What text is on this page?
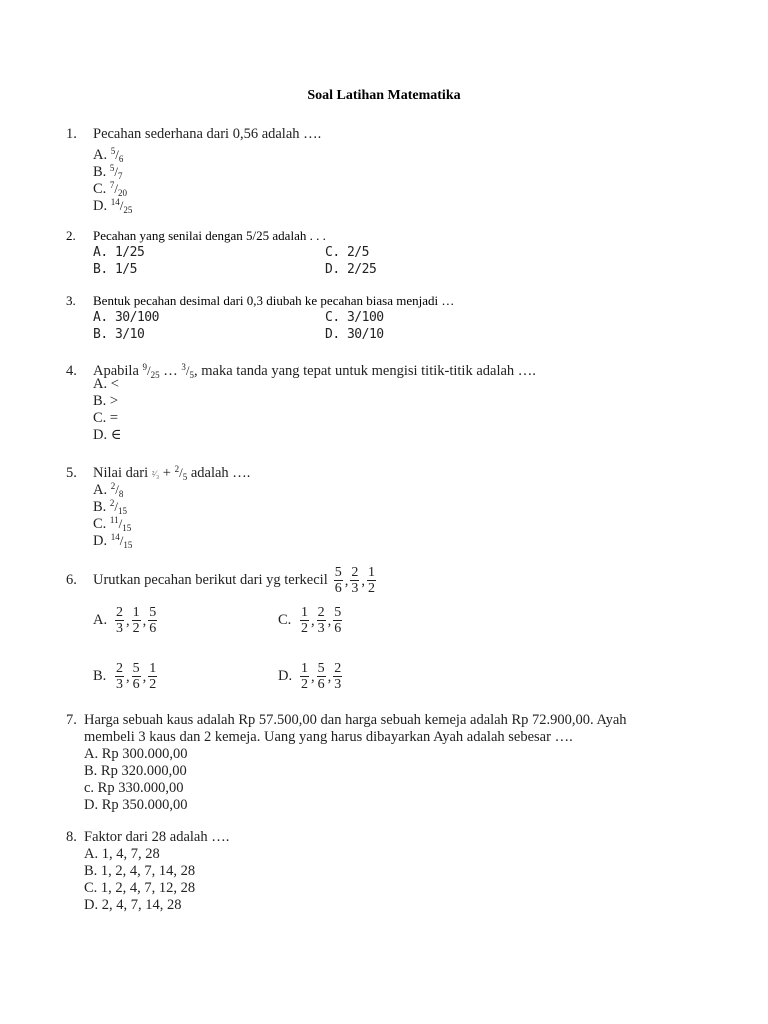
Soal Latihan Matematika
1. Pecahan sederhana dari 0,56 adalah ….
A. $^5/_6$
B. $^5/_7$
C. $^7/_{20}$
D. $^{14}/_{25}$
2. Pecahan yang senilai dengan 5/25 adalah . . .
A. 1/25	C. 2/5
B. 1/5	D. 2/25
3. Bentuk pecahan desimal dari 0,3 diubah ke pecahan biasa menjadi …
A. 30/100	C. 3/100
B. 3/10	D. 30/10
4. Apabila $^9/_{25}$ … $^3/_5$, maka tanda yang tepat untuk mengisi titik-titik adalah ….
A. <
B. >
C. =
D. ∈
5. Nilai dari ²⁄₃ + $^2/_5$ adalah ….
A. $^2/_8$
B. $^2/_{15}$
C. $^{11}/_{15}$
D. $^{14}/_{15}$
6.	Urutkan pecahan berikut dari yg terkecil $\frac{5}{6}$ , $\frac{2}{3}$ , $\frac{1}{2}$
A. $\frac{2}{3}$ , $\frac{1}{2}$ , $\frac{5}{6}$	C. $\frac{1}{2}$ , $\frac{2}{3}$ , $\frac{5}{6}$
B. $\frac{2}{3}$ , $\frac{5}{6}$ , $\frac{1}{2}$	D. $\frac{1}{2}$ , $\frac{5}{6}$ , $\frac{2}{3}$
7. Harga sebuah kaus adalah Rp 57.500,00 dan harga sebuah kemeja adalah Rp 72.900,00. Ayah
membeli 3 kaus dan 2 kemeja. Uang yang harus dibayarkan Ayah adalah sebesar ….
A. Rp 300.000,00
B. Rp 320.000,00
c. Rp 330.000,00
D. Rp 350.000,00
8. Faktor dari 28 adalah ….
A. 1, 4, 7, 28
B. 1, 2, 4, 7, 14, 28
C. 1, 2, 4, 7, 12, 28
D. 2, 4, 7, 14, 28
